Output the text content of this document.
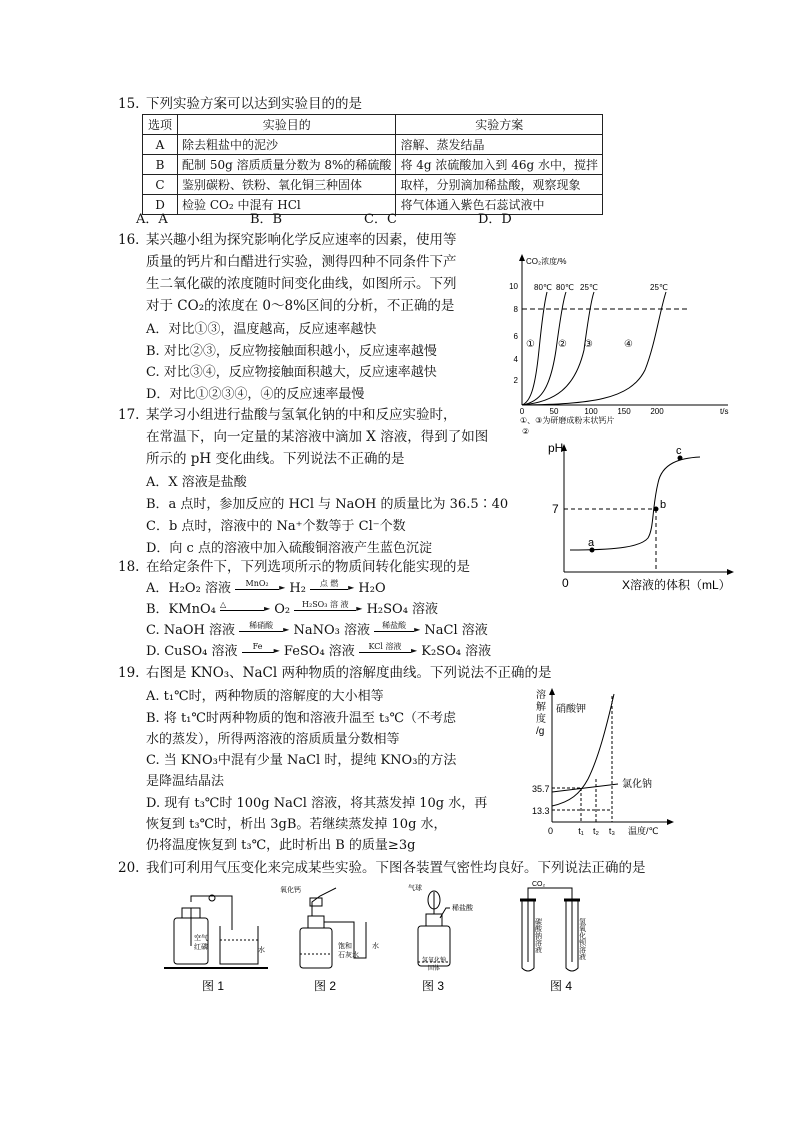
15. 下列实验方案可以达到实验目的的是
选项	实验目的	实验方案
A	除去粗盐中的泥沙	溶解、蒸发结晶
B	配制 50g 溶质质量分数为 8%的稀硫酸	将 4g 浓硫酸加入到 46g 水中，搅拌
C	鉴别碳粉、铁粉、氧化铜三种固体	取样，分别滴加稀盐酸，观察现象
D	检验 CO₂ 中混有 HCl	将气体通入紫色石蕊试液中
A．A	B．B	C．C	D．D
16．
某兴趣小组为探究影响化学反应速率的因素，使用等
质量的钙片和白醋进行实验，测得四种不同条件下产
生二氧化碳的浓度随时间变化曲线，如图所示。下列
对于 CO₂的浓度在 0～8%区间的分析，不正确的是
A．对比①③，温度越高，反应速率越快
B. 对比②③，反应物接触面积越小，反应速率越慢
C. 对比③④，反应物接触面积越大，反应速率越快
D．对比①②③④，④的反应速率最慢
CO₂浓度/%
t/s
2
4
6
8
10
0	50	100 150 200
80℃ 80℃ 25℃	25℃
① ② ③	④
①、③为研磨成粉末状钙片
②
17. 某学习小组进行盐酸与氢氧化钠的中和反应实验时，
在常温下，向一定量的某溶液中滴加 X 溶液，得到了如图
所示的 pH 变化曲线。下列说法不正确的是
A．X 溶液是盐酸
B．a 点时，参加反应的 HCl 与 NaOH 的质量比为 36.5∶40
C．b 点时，溶液中的 Na⁺个数等于 Cl⁻个数
D．向 c 点的溶液中加入硫酸铜溶液产生蓝色沉淀
pH
0	X溶液的体积（mL）
7
a
b
c
18. 在给定条件下，下列选项所示的物质间转化能实现的是
A．H₂O₂ 溶液 MnO₂ ► H₂ 点 燃 ► H₂O
B．KMnO₄ △	► O₂ H₂SO₃ 溶 液 ► H₂SO₄ 溶液
C. NaOH 溶液 稀硝酸 ► NaNO₃ 溶液 稀盐酸 ► NaCl 溶液
D. CuSO₄ 溶液 Fe ► FeSO₄ 溶液 KCl 溶液 ► K₂SO₄ 溶液
19. 右图是 KNO₃、NaCl 两种物质的溶解度曲线。下列说法不正确的是
A. t₁℃时，两种物质的溶解度的大小相等
B. 将 t₁℃时两种物质的饱和溶液升温至 t₃℃（不考虑
水的蒸发），所得两溶液的溶质质量分数相等
C. 当 KNO₃中混有少量 NaCl 时，提纯 KNO₃的方法
是降温结晶法
D. 现有 t₃℃时 100g NaCl 溶液，将其蒸发掉 10g 水，再
恢复到 t₃℃时，析出 3gB。若继续蒸发掉 10g 水，
仍将温度恢复到 t₃℃，此时析出 B 的质量≥3g
溶
解
度
/g
0	温度/℃
35.7
13.3
硝酸钾
氯化钠
t₁ t₂ t₃
20. 我们可利用气压变化来完成某些实验。下图各装置气密性均良好。下列说法正确的是
空气
红磷	水
氧化钙
饱和
石灰水
水
气球
稀盐酸
氢氧化钠
固体
CO₂
碳酸钠溶液	氢氧化钡溶液
图 1	图 2	图 3	图 4
